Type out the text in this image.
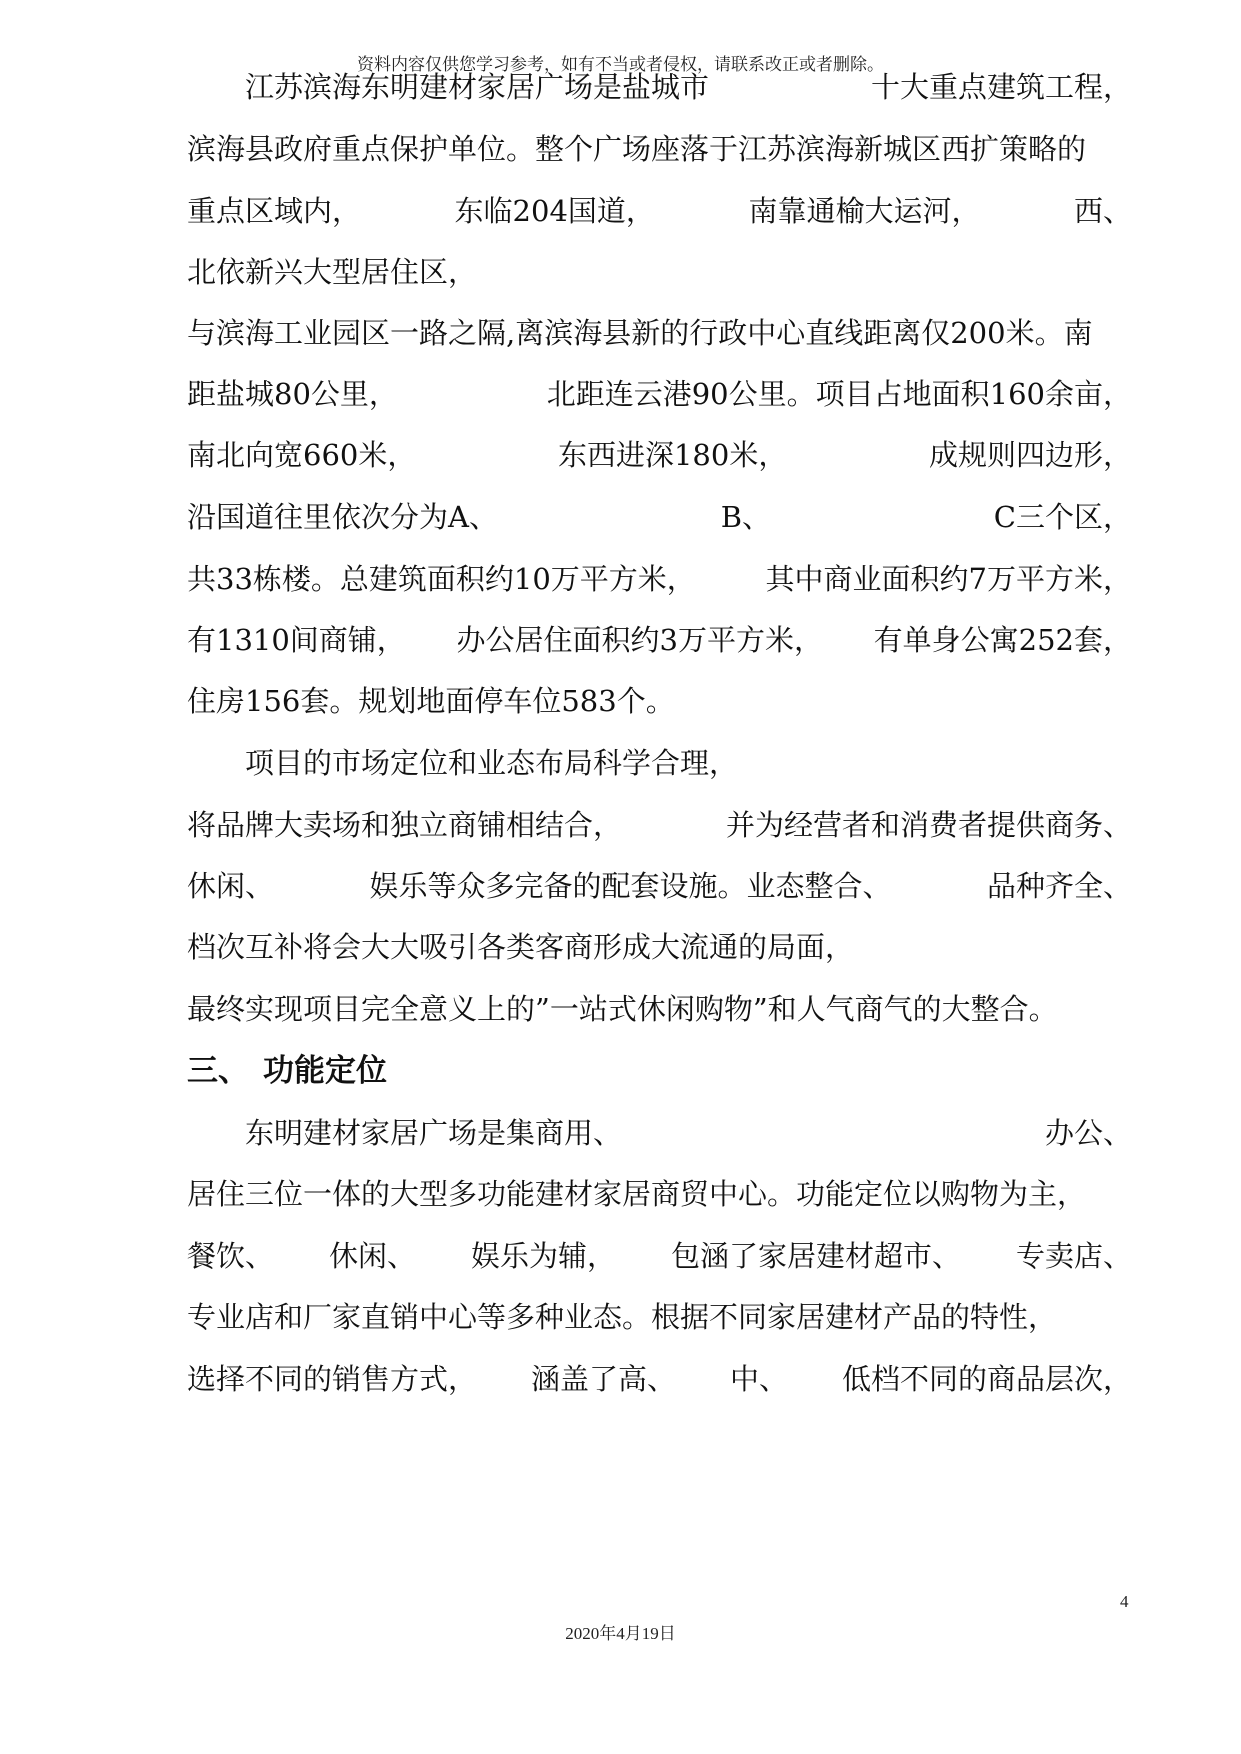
资料内容仅供您学习参考，如有不当或者侵权，请联系改正或者删除。
江苏滨海东明建材家居广场是盐城市	十大重点建筑工程，
滨海县政府重点保护单位。整个广场座落于江苏滨海新城区西扩策略的
重点区域内，	东临204国道，	南靠通榆大运河，	西、
北依新兴大型居住区，
与滨海工业园区一路之隔,离滨海县新的行政中心直线距离仅200米。南
距盐城80公里，	北距连云港90公里。项目占地面积160余亩，
南北向宽660米，	东西进深180米，	成规则四边形，
沿国道往里依次分为A、	B、	C三个区，
共33栋楼。总建筑面积约10万平方米， 其中商业面积约7万平方米，
有1310间商铺， 办公居住面积约3万平方米， 有单身公寓252套，
住房156套。规划地面停车位583个。
项目的市场定位和业态布局科学合理，
将品牌大卖场和独立商铺相结合，	并为经营者和消费者提供商务、
休闲、	娱乐等众多完备的配套设施。业态整合、	品种齐全、
档次互补将会大大吸引各类客商形成大流通的局面，
最终实现项目完全意义上的”一站式休闲购物”和人气商气的大整合。
三、 功能定位
东明建材家居广场是集商用、	办公、
居住三位一体的大型多功能建材家居商贸中心。功能定位以购物为主，
餐饮、 休闲、 娱乐为辅， 包涵了家居建材超市、 专卖店、
专业店和厂家直销中心等多种业态。根据不同家居建材产品的特性，
选择不同的销售方式， 涵盖了高、 中、 低档不同的商品层次，
4
2020年4月19日
